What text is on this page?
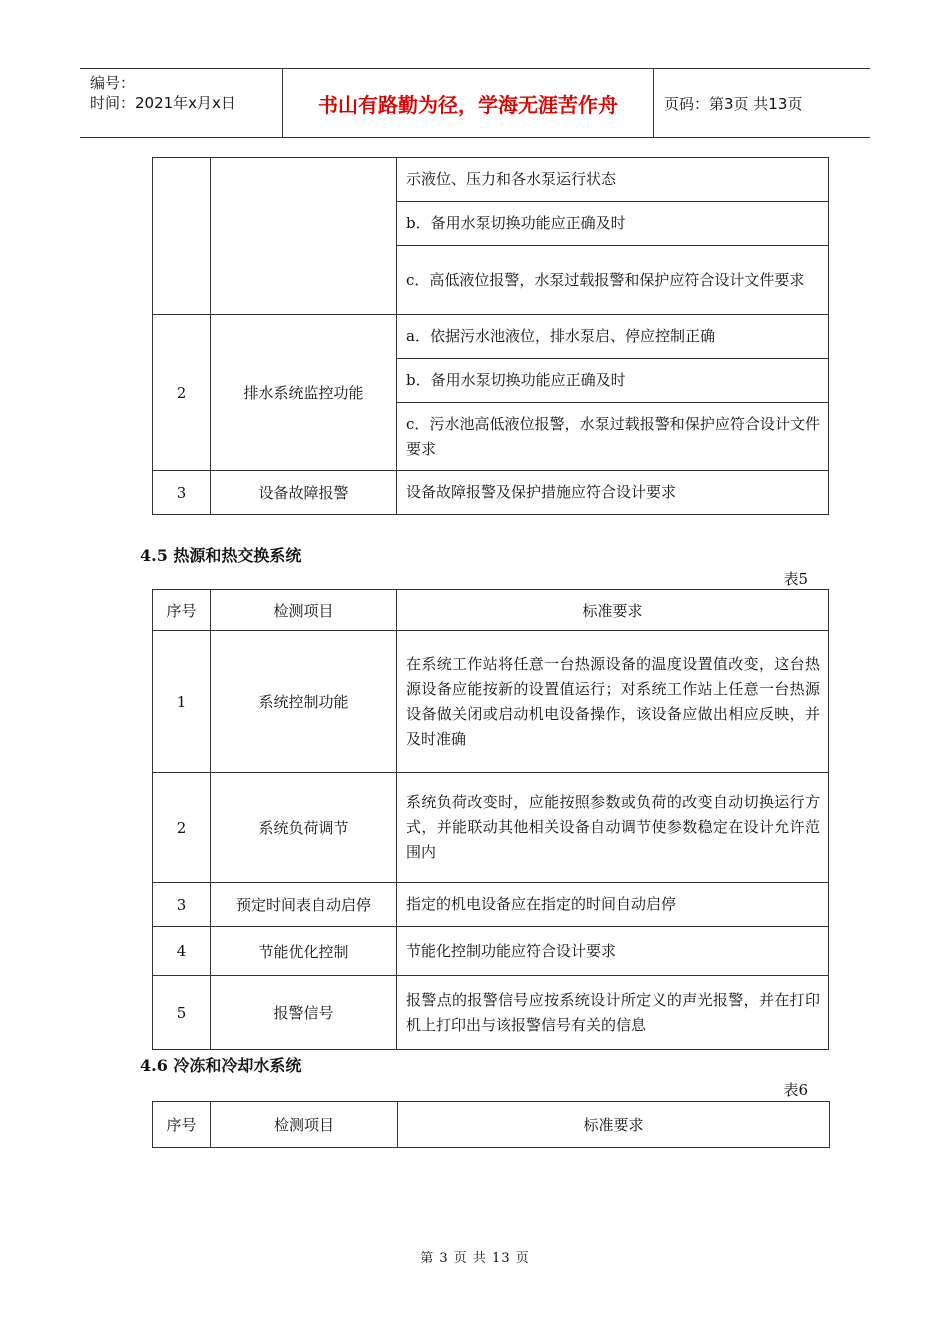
编号：
时间：2021年x月x日	书山有路勤为径，学海无涯苦作舟	页码：第3页 共13页
		示液位、压力和各水泵运行状态
		b．备用水泵切换功能应正确及时
		c．高低液位报警，水泵过载报警和保护应符合设计文件要求
2	排水系统监控功能	a．依据污水池液位，排水泵启、停应控制正确
		b．备用水泵切换功能应正确及时
		c．污水池高低液位报警，水泵过载报警和保护应符合设计文件要求
3	设备故障报警	设备故障报警及保护措施应符合设计要求
4.5 热源和热交换系统
表5
序号	检测项目	标准要求
1	系统控制功能	在系统工作站将任意一台热源设备的温度设置值改变，这台热源设备应能按新的设置值运行；对系统工作站上任意一台热源设备做关闭或启动机电设备操作，该设备应做出相应反映，并及时准确
2	系统负荷调节	系统负荷改变时，应能按照参数或负荷的改变自动切换运行方式，并能联动其他相关设备自动调节使参数稳定在设计允许范围内
3	预定时间表自动启停	指定的机电设备应在指定的时间自动启停
4	节能优化控制	节能化控制功能应符合设计要求
5	报警信号	报警点的报警信号应按系统设计所定义的声光报警，并在打印机上打印出与该报警信号有关的信息
4.6 冷冻和冷却水系统
表6
序号	检测项目	标准要求
第 3 页 共 13 页
